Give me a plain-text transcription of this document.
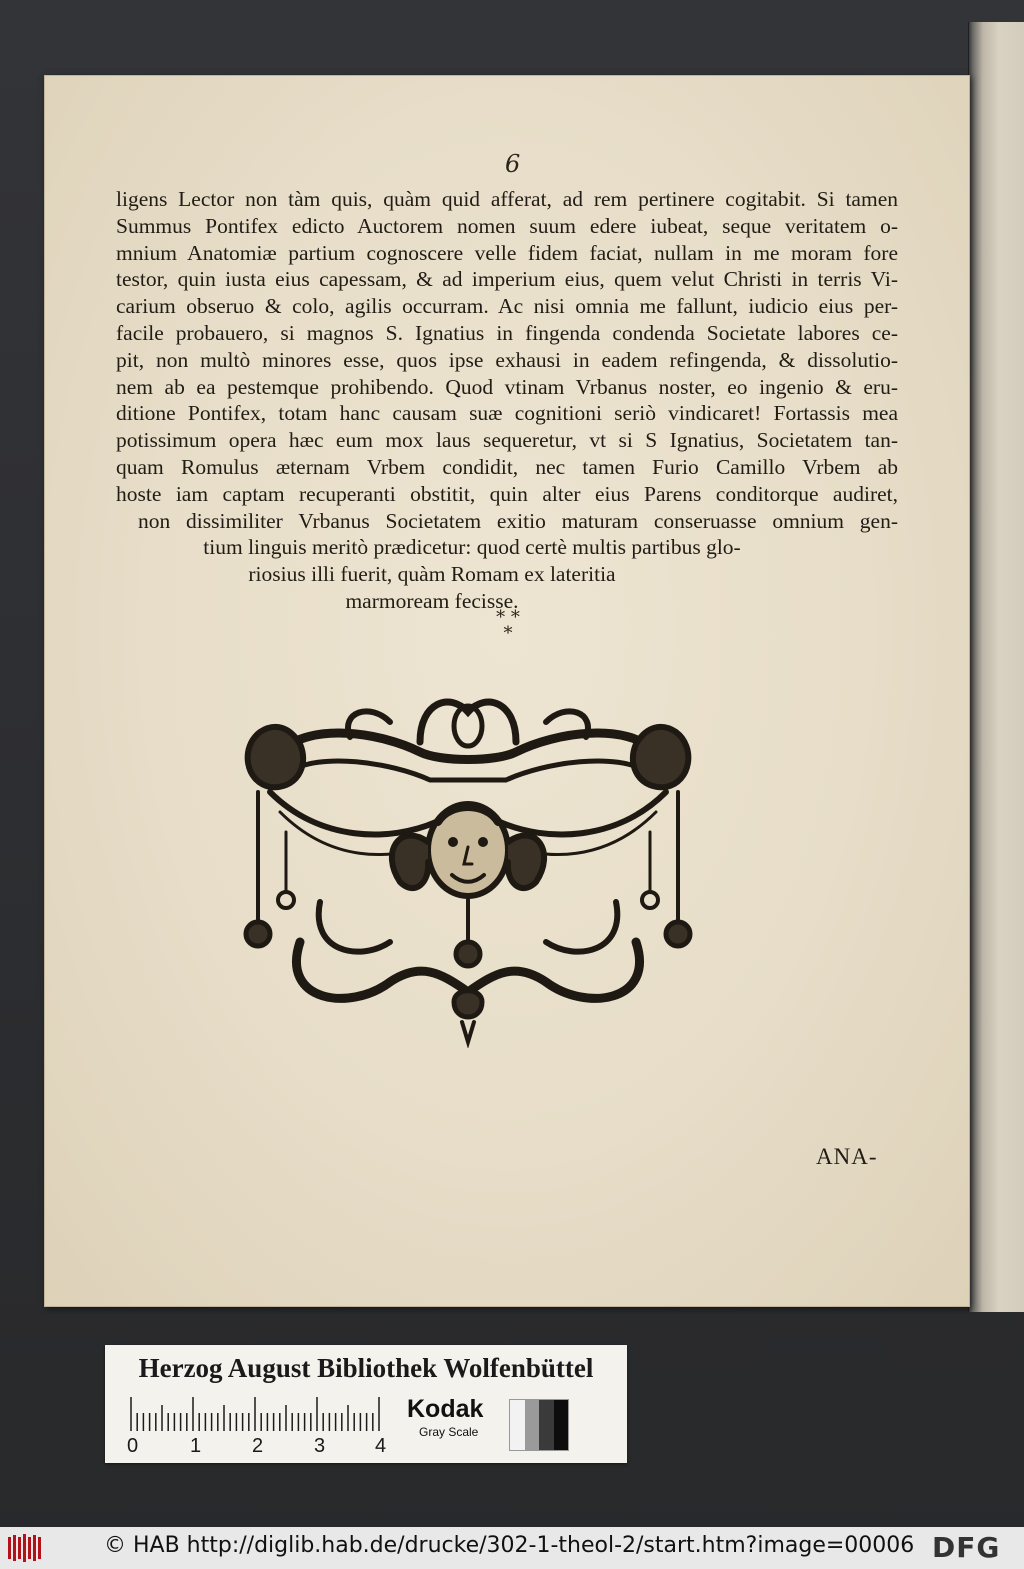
6
ligens Lector non tàm quis, quàm quid afferat, ad rem pertinere cogitabit. Si tamen
Summus Pontifex edicto Auctorem nomen suum edere iubeat, seque veritatem o-
mnium Anatomiæ partium cognoscere velle fidem faciat, nullam in me moram fore
testor, quin iusta eius capessam, & ad imperium eius, quem velut Christi in terris Vi-
carium obseruo & colo, agilis occurram. Ac nisi omnia me fallunt, iudicio eius per-
facile probauero, si magnos S. Ignatius in fingenda condenda Societate labores ce-
pit, non multò minores esse, quos ipse exhausi in eadem refingenda, & dissolutio-
nem ab ea pestemque prohibendo. Quod vtinam Vrbanus noster, eo ingenio & eru-
ditione Pontifex, totam hanc causam suæ cognitioni seriò vindicaret! Fortassis mea
potissimum opera hæc eum mox laus sequeretur, vt si S Ignatius, Societatem tan-
quam Romulus æternam Vrbem condidit, nec tamen Furio Camillo Vrbem ab
hoste iam captam recuperanti obstitit, quin alter eius Parens conditorque audiret,
non dissimiliter Vrbanus Societatem exitio maturam conseruasse omnium gen-
tium linguis meritò prædicetur: quod certè multis partibus glo-
riosius illi fuerit, quàm Romam ex lateritia
marmoream fecisse.
* *
*
ANA-
Herzog August Bibliothek Wolfenbüttel
0	1	2	3 4
Kodak
Gray Scale
© HAB http://diglib.hab.de/drucke/302-1-theol-2/start.htm?image=00006 DFG
